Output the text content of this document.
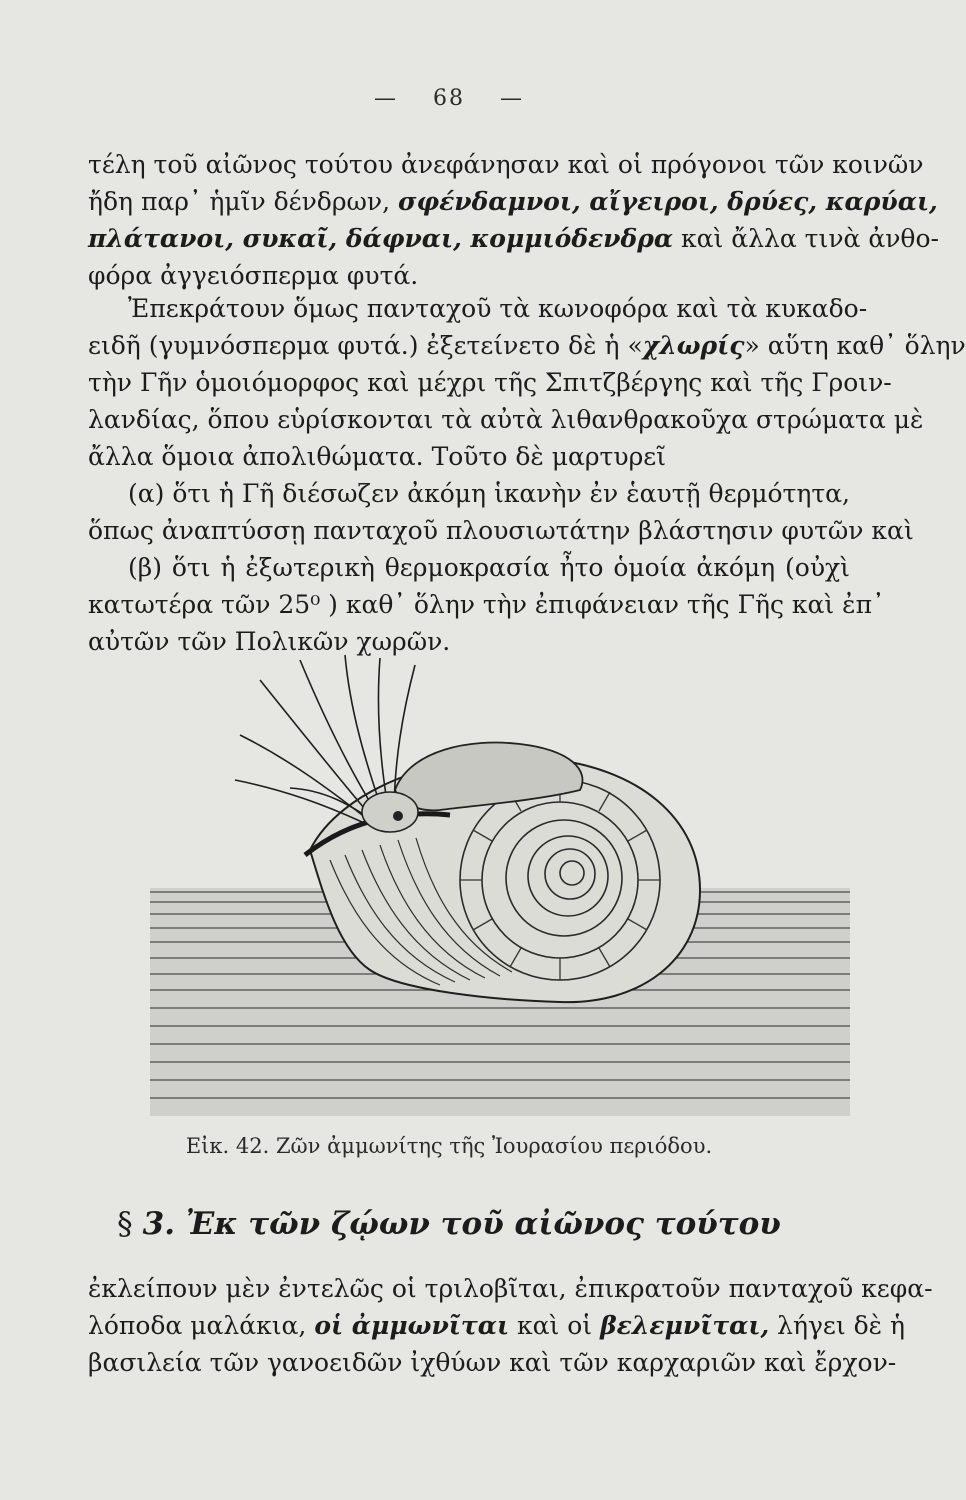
— 68 —
τέλη τοῦ αἰῶνος τούτου ἀνεφάνησαν καὶ οἱ πρόγονοι τῶν κοινῶν
ἤδη παρ᾽ ἡμῖν δένδρων, σφένδαμνοι, αἴγειροι, δρύες, καρύαι,
πλάτανοι, συκαῖ, δάφναι, κομμιόδενδρα καὶ ἄλλα τινὰ ἀνθο-
φόρα ἀγγειόσπερμα φυτά.
Ἐπεκράτουν ὅμως πανταχοῦ τὰ κωνοφόρα καὶ τὰ κυκαδο-
ειδῆ (γυμνόσπερμα φυτά.) ἐξετείνετο δὲ ἡ «χλωρίς» αὕτη καθ᾽ ὅλην
τὴν Γῆν ὁμοιόμορφος καὶ μέχρι τῆς Σπιτζβέργης καὶ τῆς Γροιν-
λανδίας, ὅπου εὑρίσκονται τὰ αὐτὰ λιθανθρακοῦχα στρώματα μὲ
ἄλλα ὅμοια ἀπολιθώματα. Τοῦτο δὲ μαρτυρεῖ
(α) ὅτι ἡ Γῆ διέσωζεν ἀκόμη ἱκανὴν ἐν ἑαυτῇ θερμότητα,
ὅπως ἀναπτύσσῃ πανταχοῦ πλουσιωτάτην βλάστησιν φυτῶν καὶ
(β) ὅτι ἡ ἐξωτερικὴ θερμοκρασία ἦτο ὁμοία ἀκόμη (οὐχὶ
κατωτέρα τῶν 25⁰ ) καθ᾽ ὅλην τὴν ἐπιφάνειαν τῆς Γῆς καὶ ἐπ᾽
αὐτῶν τῶν Πολικῶν χωρῶν.
Εἰκ. 42. Ζῶν ἀμμωνίτης τῆς Ἰουρασίου περιόδου.
§ 3. Ἐκ τῶν ζῴων τοῦ αἰῶνος τούτου
ἐκλείπουν μὲν ἐντελῶς οἱ τριλοβῖται, ἐπικρατοῦν πανταχοῦ κεφα-
λόποδα μαλάκια, οἱ ἀμμωνῖται καὶ οἱ βελεμνῖται, λήγει δὲ ἡ
βασιλεία τῶν γανοειδῶν ἰχθύων καὶ τῶν καρχαριῶν καὶ ἔρχον-
